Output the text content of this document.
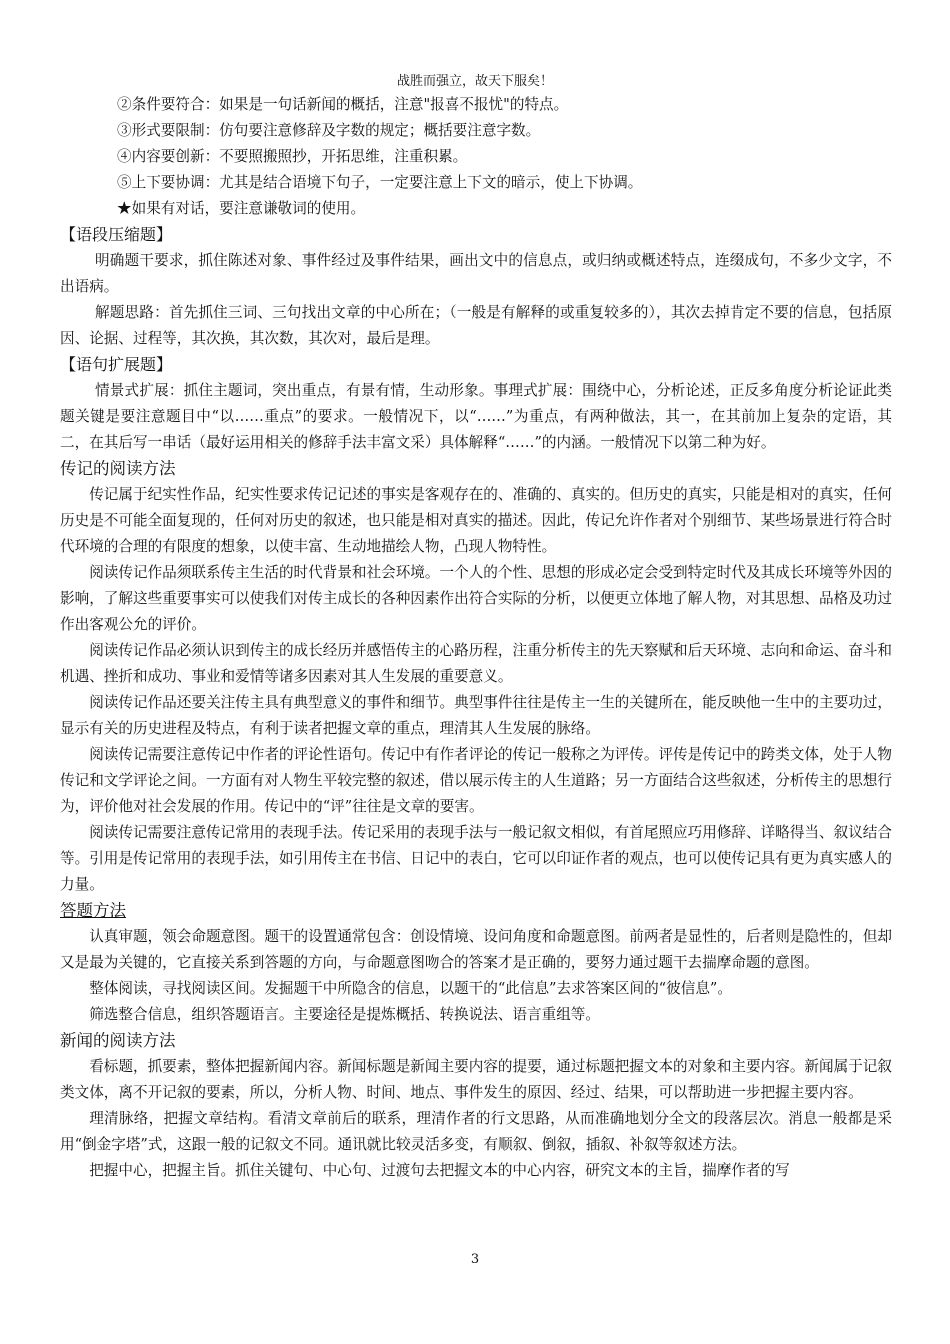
战胜而强立，故天下服矣！

②条件要符合：如果是一句话新闻的概括，注意"报喜不报忧"的特点。

③形式要限制：仿句要注意修辞及字数的规定；概括要注意字数。

④内容要创新：不要照搬照抄，开拓思维，注重积累。

⑤上下要协调：尤其是结合语境下句子，一定要注意上下文的暗示，使上下协调。

★如果有对话，要注意谦敬词的使用。

【语段压缩题】

明确题干要求，抓住陈述对象、事件经过及事件结果，画出文中的信息点，或归纳或概述特点，连缀成句，不多少文字，不出语病。

解题思路：首先抓住三词、三句找出文章的中心所在；（一般是有解释的或重复较多的），其次去掉肯定不要的信息，包括原因、论据、过程等，其次换，其次数，其次对，最后是理。

【语句扩展题】

情景式扩展：抓住主题词，突出重点，有景有情，生动形象。事理式扩展：围绕中心，分析论述，正反多角度分析论证此类题关键是要注意题目中“以……重点”的要求。一般情况下，以“……”为重点，有两种做法，其一，在其前加上复杂的定语，其二，在其后写一串话（最好运用相关的修辞手法丰富文采）具体解释“……”的内涵。一般情况下以第二种为好。

传记的阅读方法

传记属于纪实性作品，纪实性要求传记记述的事实是客观存在的、准确的、真实的。但历史的真实，只能是相对的真实，任何历史是不可能全面复现的，任何对历史的叙述，也只能是相对真实的描述。因此，传记允许作者对个别细节、某些场景进行符合时代环境的合理的有限度的想象，以使丰富、生动地描绘人物，凸现人物特性。

阅读传记作品须联系传主生活的时代背景和社会环境。一个人的个性、思想的形成必定会受到特定时代及其成长环境等外因的影响，了解这些重要事实可以使我们对传主成长的各种因素作出符合实际的分析，以便更立体地了解人物，对其思想、品格及功过作出客观公允的评价。

阅读传记作品必须认识到传主的成长经历并感悟传主的心路历程，注重分析传主的先天察赋和后天环境、志向和命运、奋斗和机遇、挫折和成功、事业和爱情等诸多因素对其人生发展的重要意义。

阅读传记作品还要关注传主具有典型意义的事件和细节。典型事件往往是传主一生的关键所在，能反映他一生中的主要功过，显示有关的历史进程及特点，有利于读者把握文章的重点，理清其人生发展的脉络。

阅读传记需要注意传记中作者的评论性语句。传记中有作者评论的传记一般称之为评传。评传是传记中的跨类文体，处于人物传记和文学评论之间。一方面有对人物生平较完整的叙述，借以展示传主的人生道路；另一方面结合这些叙述，分析传主的思想行为，评价他对社会发展的作用。传记中的“评”往往是文章的要害。

阅读传记需要注意传记常用的表现手法。传记采用的表现手法与一般记叙文相似，有首尾照应巧用修辞、详略得当、叙议结合等。引用是传记常用的表现手法，如引用传主在书信、日记中的表白，它可以印证作者的观点，也可以使传记具有更为真实感人的力量。

答题方法

认真审题，领会命题意图。题干的设置通常包含：创设情境、设问角度和命题意图。前两者是显性的，后者则是隐性的，但却又是最为关键的，它直接关系到答题的方向，与命题意图吻合的答案才是正确的，要努力通过题干去揣摩命题的意图。

整体阅读，寻找阅读区间。发掘题干中所隐含的信息，以题干的“此信息”去求答案区间的“彼信息”。

筛选整合信息，组织答题语言。主要途径是提炼概括、转换说法、语言重组等。

新闻的阅读方法

看标题，抓要素，整体把握新闻内容。新闻标题是新闻主要内容的提要，通过标题把握文本的对象和主要内容。新闻属于记叙类文体，离不开记叙的要素，所以，分析人物、时间、地点、事件发生的原因、经过、结果，可以帮助进一步把握主要内容。

理清脉络，把握文章结构。看清文章前后的联系，理清作者的行文思路，从而准确地划分全文的段落层次。消息一般都是采用“倒金字塔”式，这跟一般的记叙文不同。通讯就比较灵活多变，有顺叙、倒叙，插叙、补叙等叙述方法。

把握中心，把握主旨。抓住关键句、中心句、过渡句去把握文本的中心内容，研究文本的主旨，揣摩作者的写

3
